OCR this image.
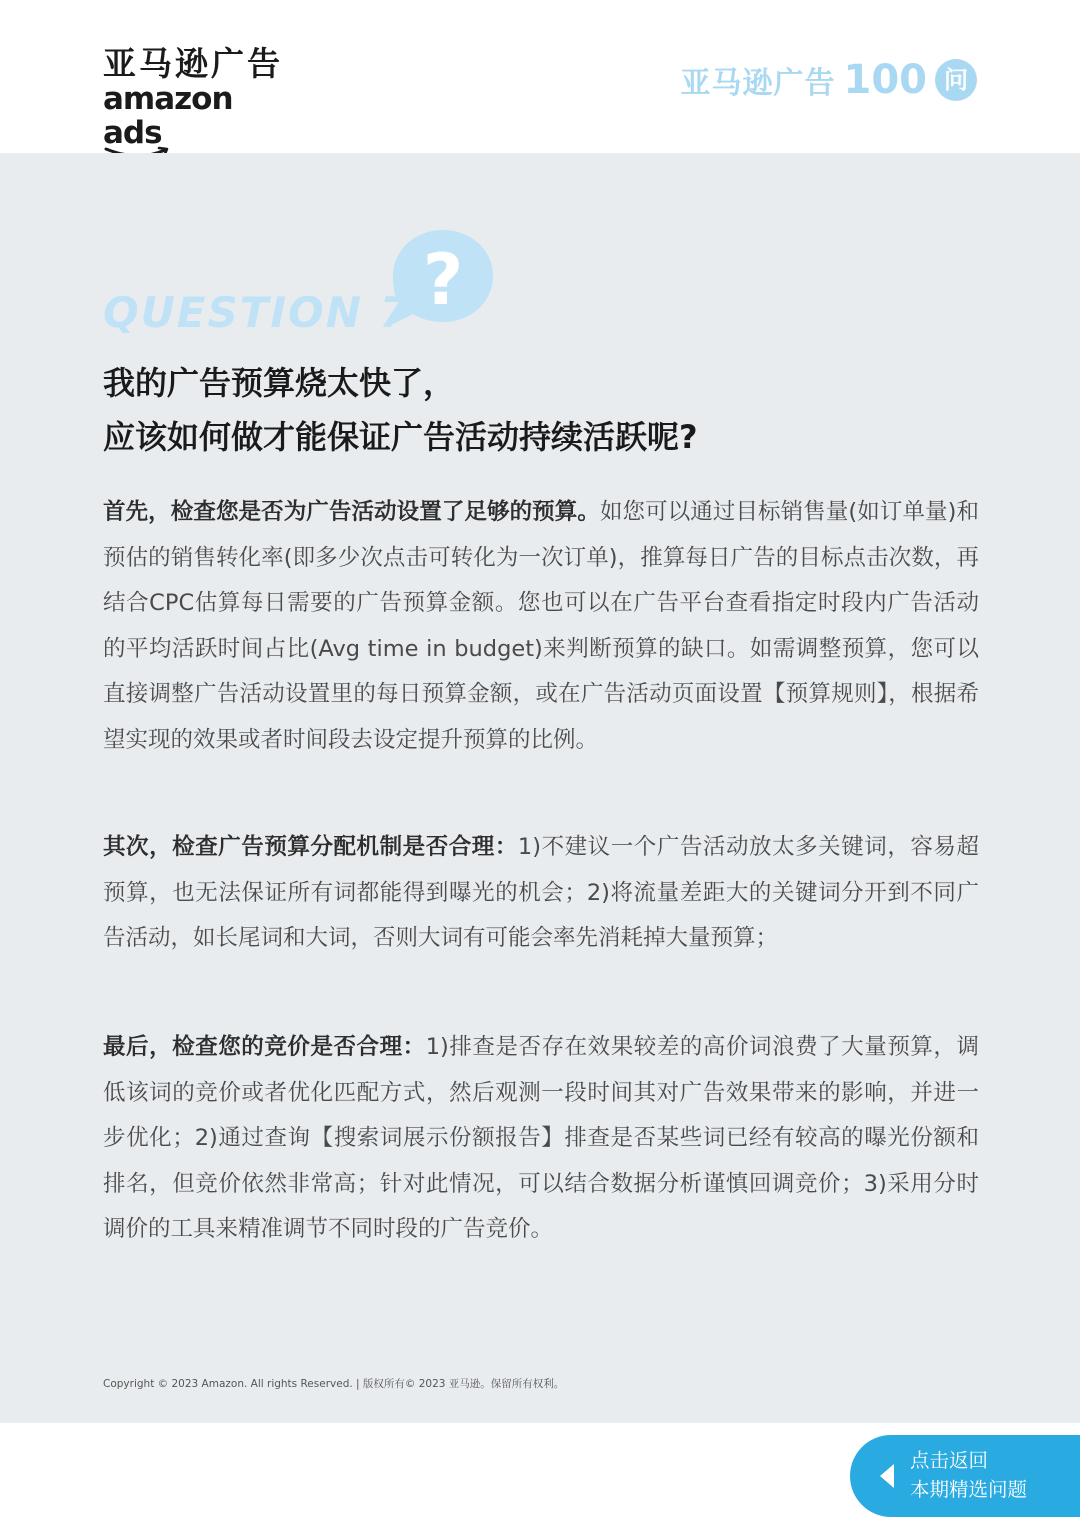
亚马逊广告
amazon ads
亚马逊广告 100 问
?
QUESTION 7
我的广告预算烧太快了，
应该如何做才能保证广告活动持续活跃呢?
首先，检查您是否为广告活动设置了足够的预算。如您可以通过目标销售量(如订单量)和预估的销售转化率(即多少次点击可转化为一次订单)，推算每日广告的目标点击次数，再结合CPC估算每日需要的广告预算金额。您也可以在广告平台查看指定时段内广告活动的平均活跃时间占比(Avg time in budget)来判断预算的缺口。如需调整预算，您可以直接调整广告活动设置里的每日预算金额，或在广告活动页面设置【预算规则】，根据希望实现的效果或者时间段去设定提升预算的比例。
其次，检查广告预算分配机制是否合理：1)不建议一个广告活动放太多关键词，容易超预算，也无法保证所有词都能得到曝光的机会；2)将流量差距大的关键词分开到不同广告活动，如长尾词和大词，否则大词有可能会率先消耗掉大量预算；
最后，检查您的竞价是否合理：1)排查是否存在效果较差的高价词浪费了大量预算，调低该词的竞价或者优化匹配方式，然后观测一段时间其对广告效果带来的影响，并进一步优化；2)通过查询【搜索词展示份额报告】排查是否某些词已经有较高的曝光份额和排名，但竞价依然非常高；针对此情况，可以结合数据分析谨慎回调竞价；3)采用分时调价的工具来精准调节不同时段的广告竞价。
Copyright © 2023 Amazon. All rights Reserved. | 版权所有© 2023 亚马逊。保留所有权利。
点击返回
本期精选问题
